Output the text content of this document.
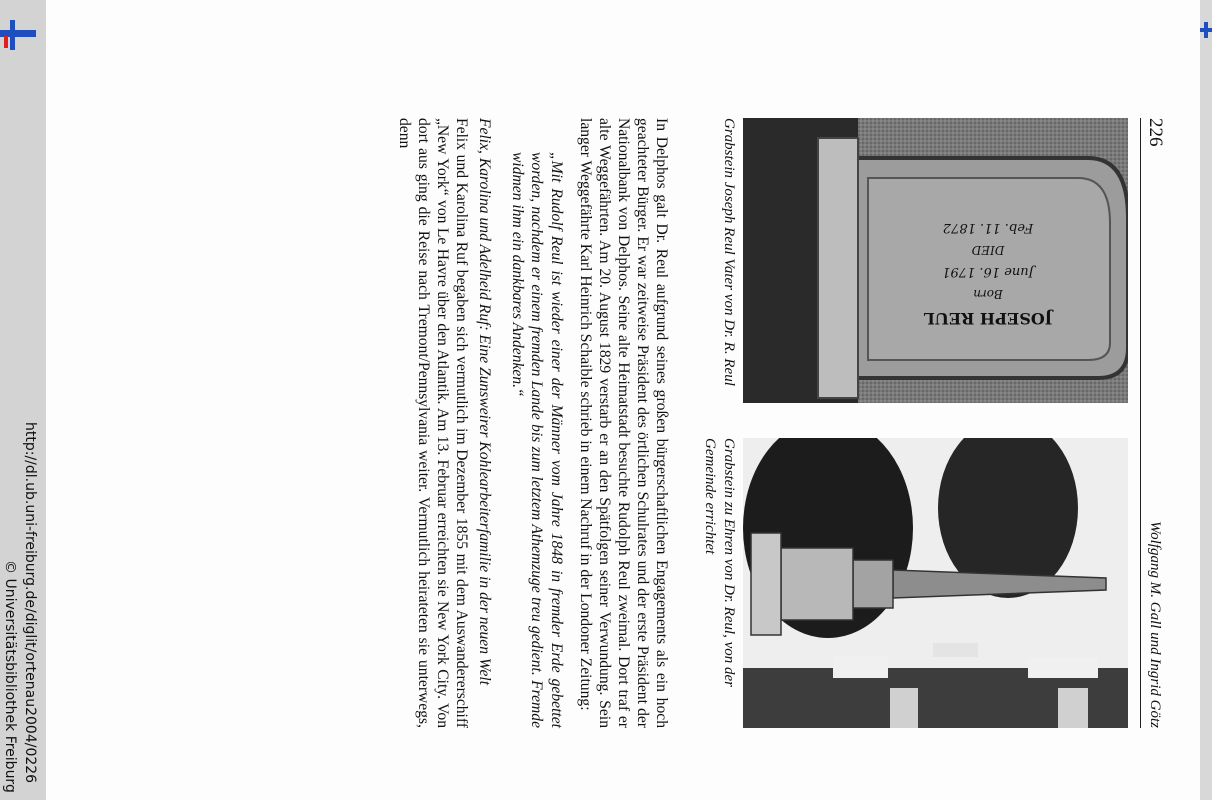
http://dl.ub.uni-freiburg.de/diglit/ortenau2004/0226
© Universitätsbibliothek Freiburg
226
Wolfgang M. Gall und Ingrid Götz
JOSEPH REUL
Born
June 16. 1791
DIED
Feb. 11. 1872
Grabstein Joseph Reul Vater von Dr. R. Reul
Grabstein zu Ehren von Dr. Reul, von der Gemeinde errichtet

In Delphos galt Dr. Reul aufgrund seines großen bürgerschaftlichen Engagements als ein hoch geachteter Bürger. Er war zeitweise Präsident des örtlichen Schulrates und der erste Präsident der Nationalbank von Delphos. Seine alte Heimatstadt besuchte Rudolph Reul zweimal. Dort traf er alte Weggefährten. Am 20. August 1829 verstarb er an den Spätfolgen seiner Verwundung. Sein langer Weggefährte Karl Heinrich Schaible schrieb in einem Nachruf in der Londoner Zeitung:

„Mit Rudolf Reul ist wieder einer der Männer vom Jahre 1848 in fremder Erde gebettet worden, nachdem er einem fremden Lande bis zum letztem Athemzuge treu gedient. Fremde widmen ihm ein dankbares Andenken.“

Felix, Karolina und Adelheid Ruf: Eine Zunsweirer Kohlearbeiterfamilie in der neuen Welt

Felix und Karolina Ruf begaben sich vermutlich im Dezember 1855 mit dem Auswandererschiff „New York“ von Le Havre über den Atlantik. Am 13. Februar erreichten sie New York City. Von dort aus ging die Reise nach Tremont/Pennsylvania weiter. Vermutlich heirateten sie unterwegs, denn
